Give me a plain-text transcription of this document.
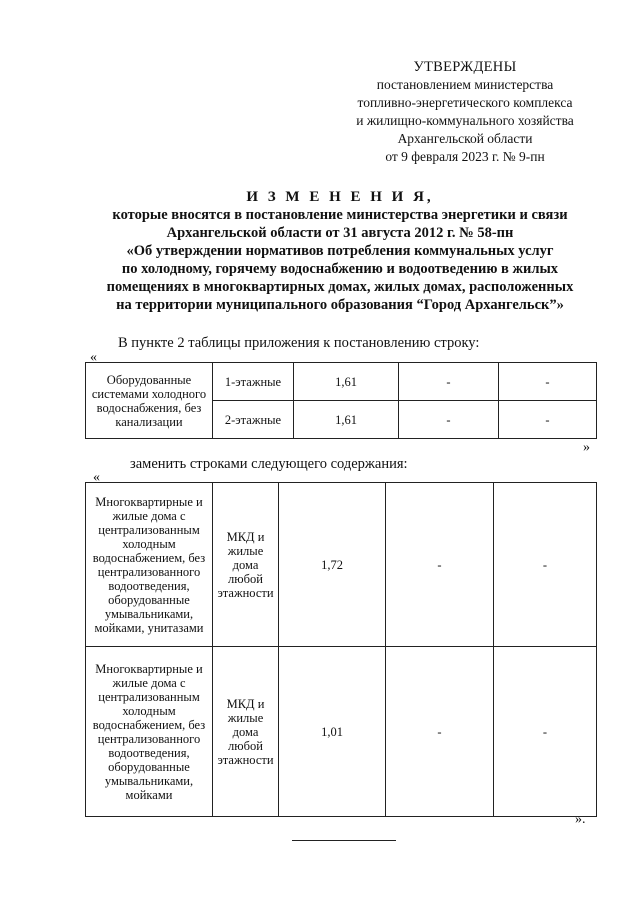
УТВЕРЖДЕНЫ
постановлением министерства
топливно-энергетического комплекса
и жилищно-коммунального хозяйства
Архангельской области
от 9 февраля 2023 г. № 9-пн
И З М Е Н Е Н И Я,
которые вносятся в постановление министерства энергетики и связи
Архангельской области от 31 августа 2012 г. № 58-пн
«Об утверждении нормативов потребления коммунальных услуг
по холодному, горячему водоснабжению и водоотведению в жилых
помещениях в многоквартирных домах, жилых домах, расположенных
на территории муниципального образования “Город Архангельск”»
В пункте 2 таблицы приложения к постановлению строку:
«
Оборудованные системами холодного водоснабжения, без канализации	1-этажные	1,61	-	-
	2-этажные	1,61	-	-
»
заменить строками следующего содержания:
«
Многоквартирные и жилые дома с централизованным холодным водоснабжением, без централизованного водоотведения, оборудованные умывальниками, мойками, унитазами	МКД и жилые дома любой этажности	1,72	-	-
Многоквартирные и жилые дома с централизованным холодным водоснабжением, без централизованного водоотведения, оборудованные умывальниками, мойками	МКД и жилые дома любой этажности	1,01	-	-
».
